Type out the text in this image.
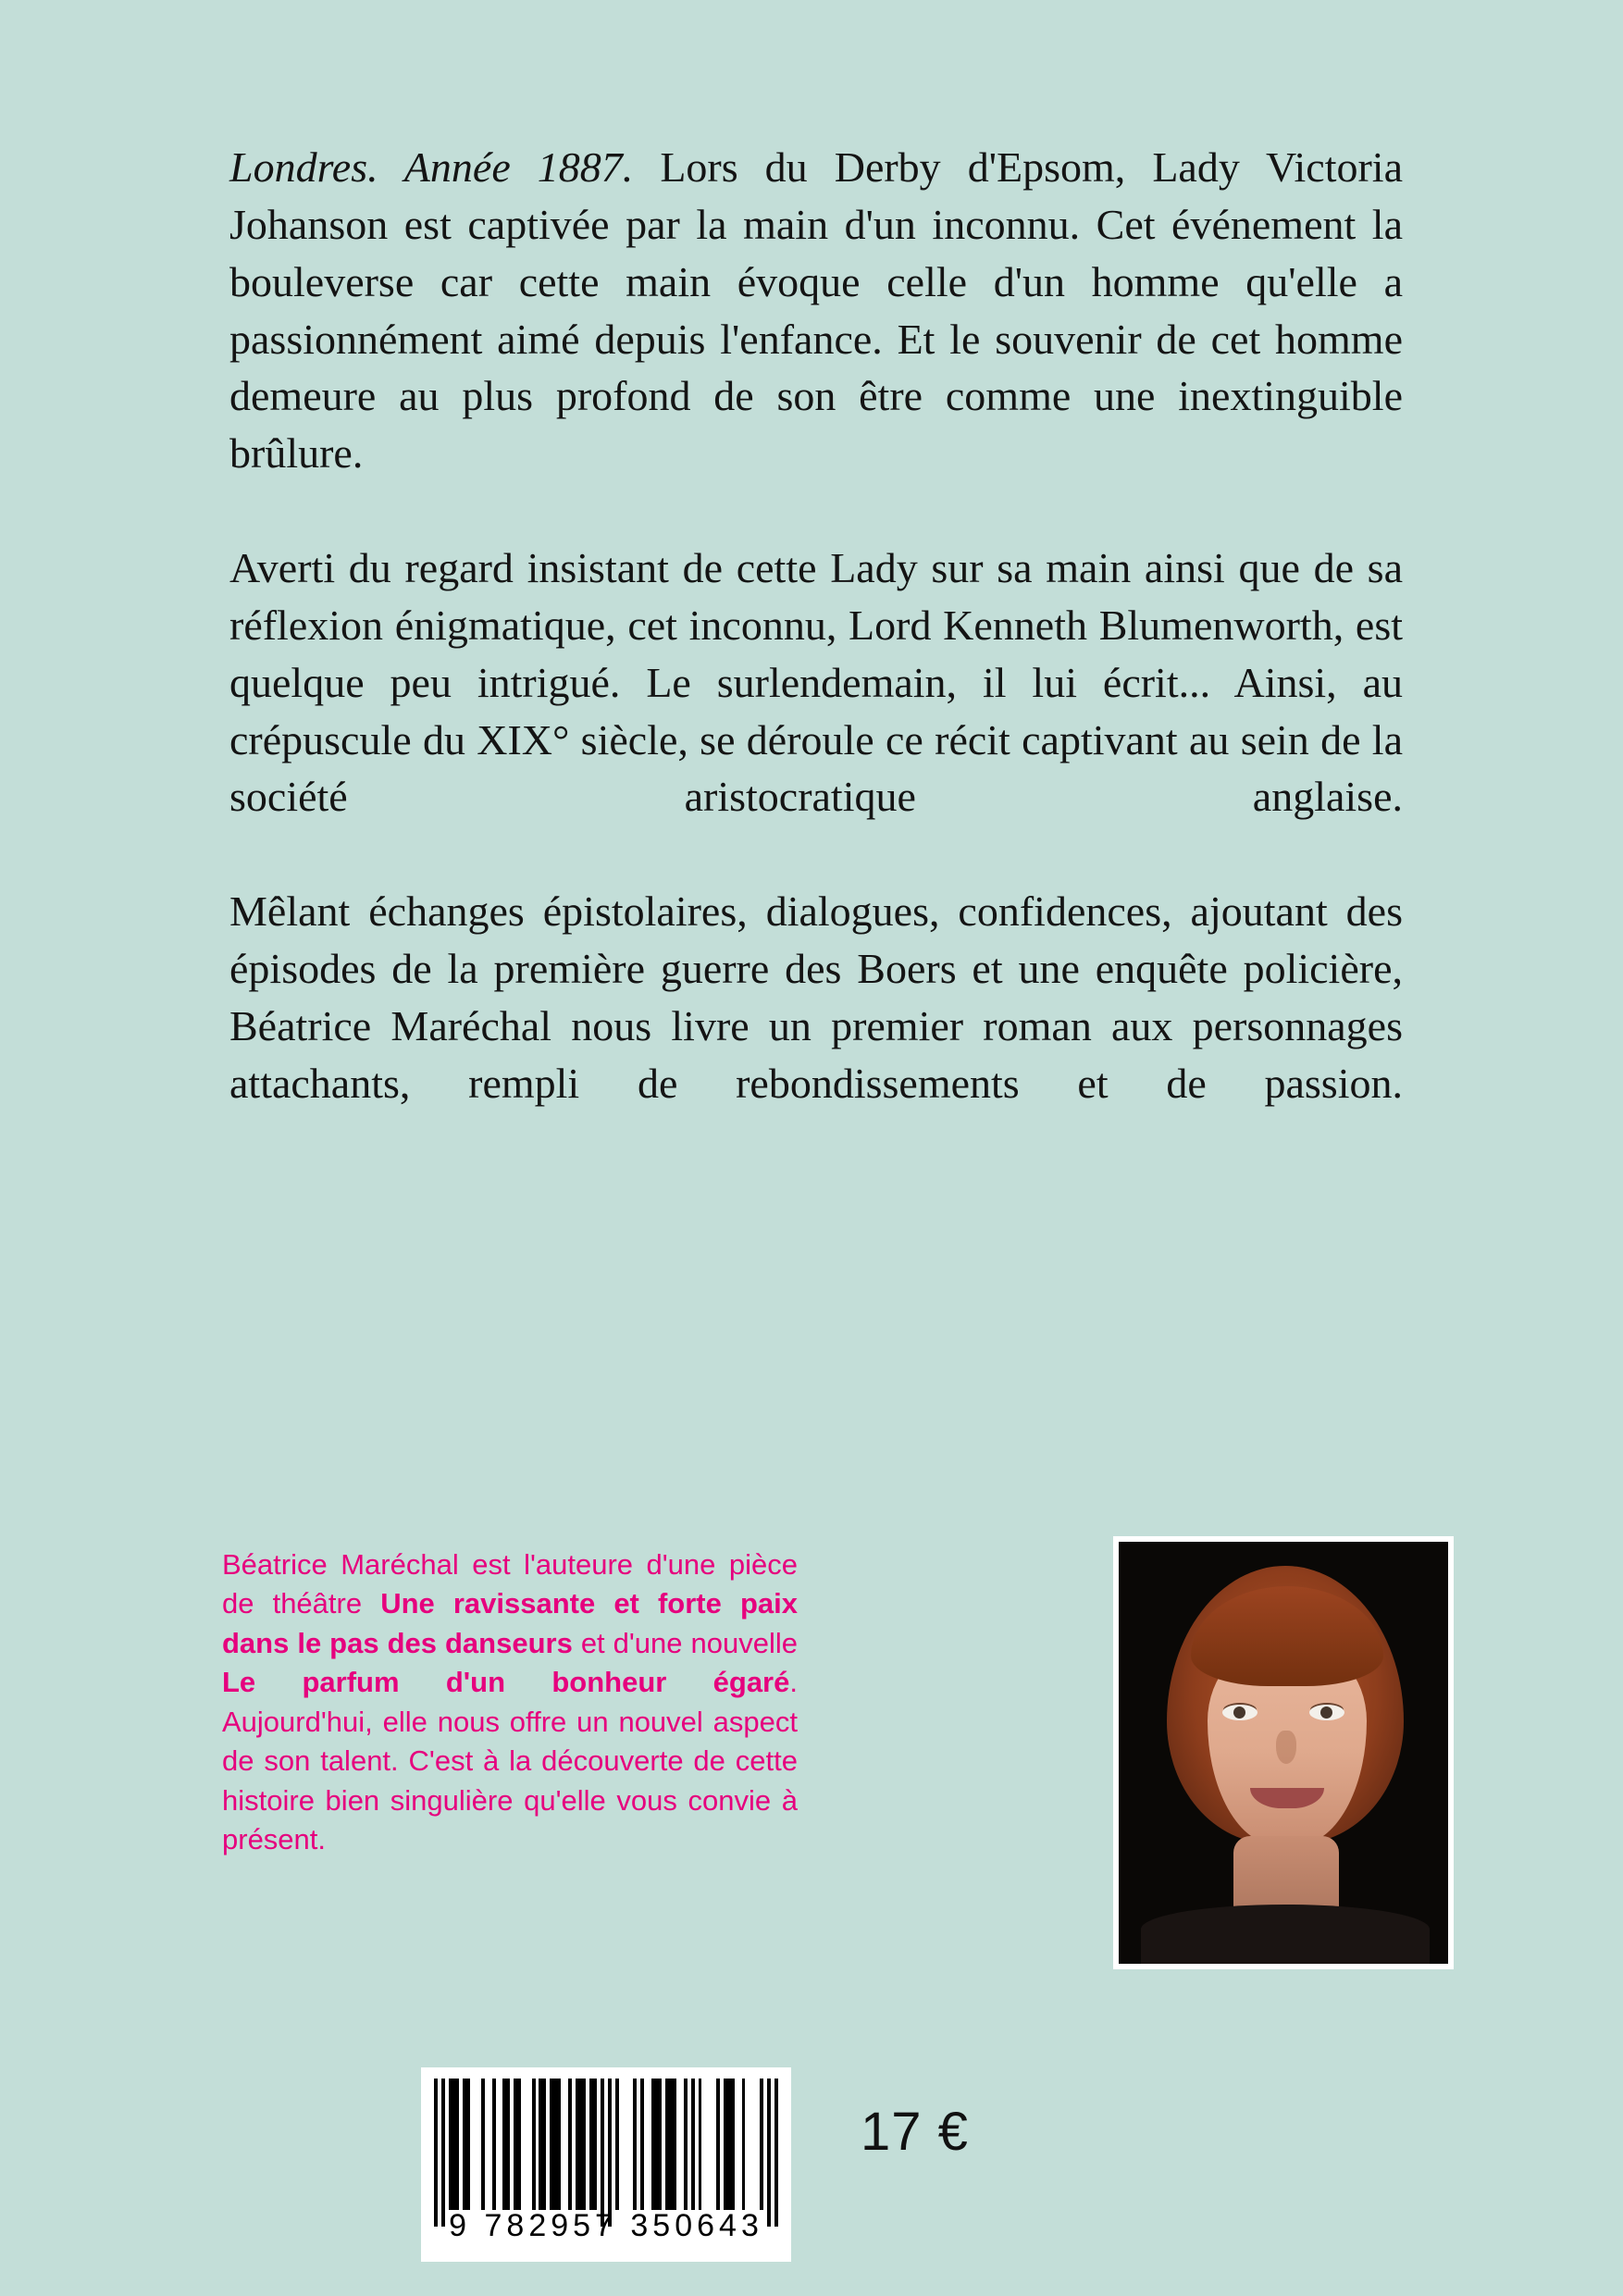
Londres. Année 1887. Lors du Derby d'Epsom, Lady Victoria Johanson est captivée par la main d'un inconnu. Cet événement la bouleverse car cette main évoque celle d'un homme qu'elle a passionnément aimé depuis l'enfance. Et le souvenir de cet homme demeure au plus profond de son être comme une inextinguible brûlure.

Averti du regard insistant de cette Lady sur sa main ainsi que de sa réflexion énigmatique, cet inconnu, Lord Kenneth Blumenworth, est quelque peu intrigué. Le surlendemain, il lui écrit... Ainsi, au crépuscule du XIX° siècle, se déroule ce récit captivant au sein de la société aristocratique anglaise.

Mêlant échanges épistolaires, dialogues, confidences, ajoutant des épisodes de la première guerre des Boers et une enquête policière, Béatrice Maréchal nous livre un premier roman aux personnages attachants, rempli de rebondissements et de passion.

Béatrice Maréchal est l'auteure d'une pièce de théâtre Une ravissante et forte paix dans le pas des danseurs et d'une nouvelle Le parfum d'un bonheur égaré. Aujourd'hui, elle nous offre un nouvel aspect de son talent. C'est à la découverte de cette histoire bien singulière qu'elle vous convie à présent.

9 782957 350643
17 €
